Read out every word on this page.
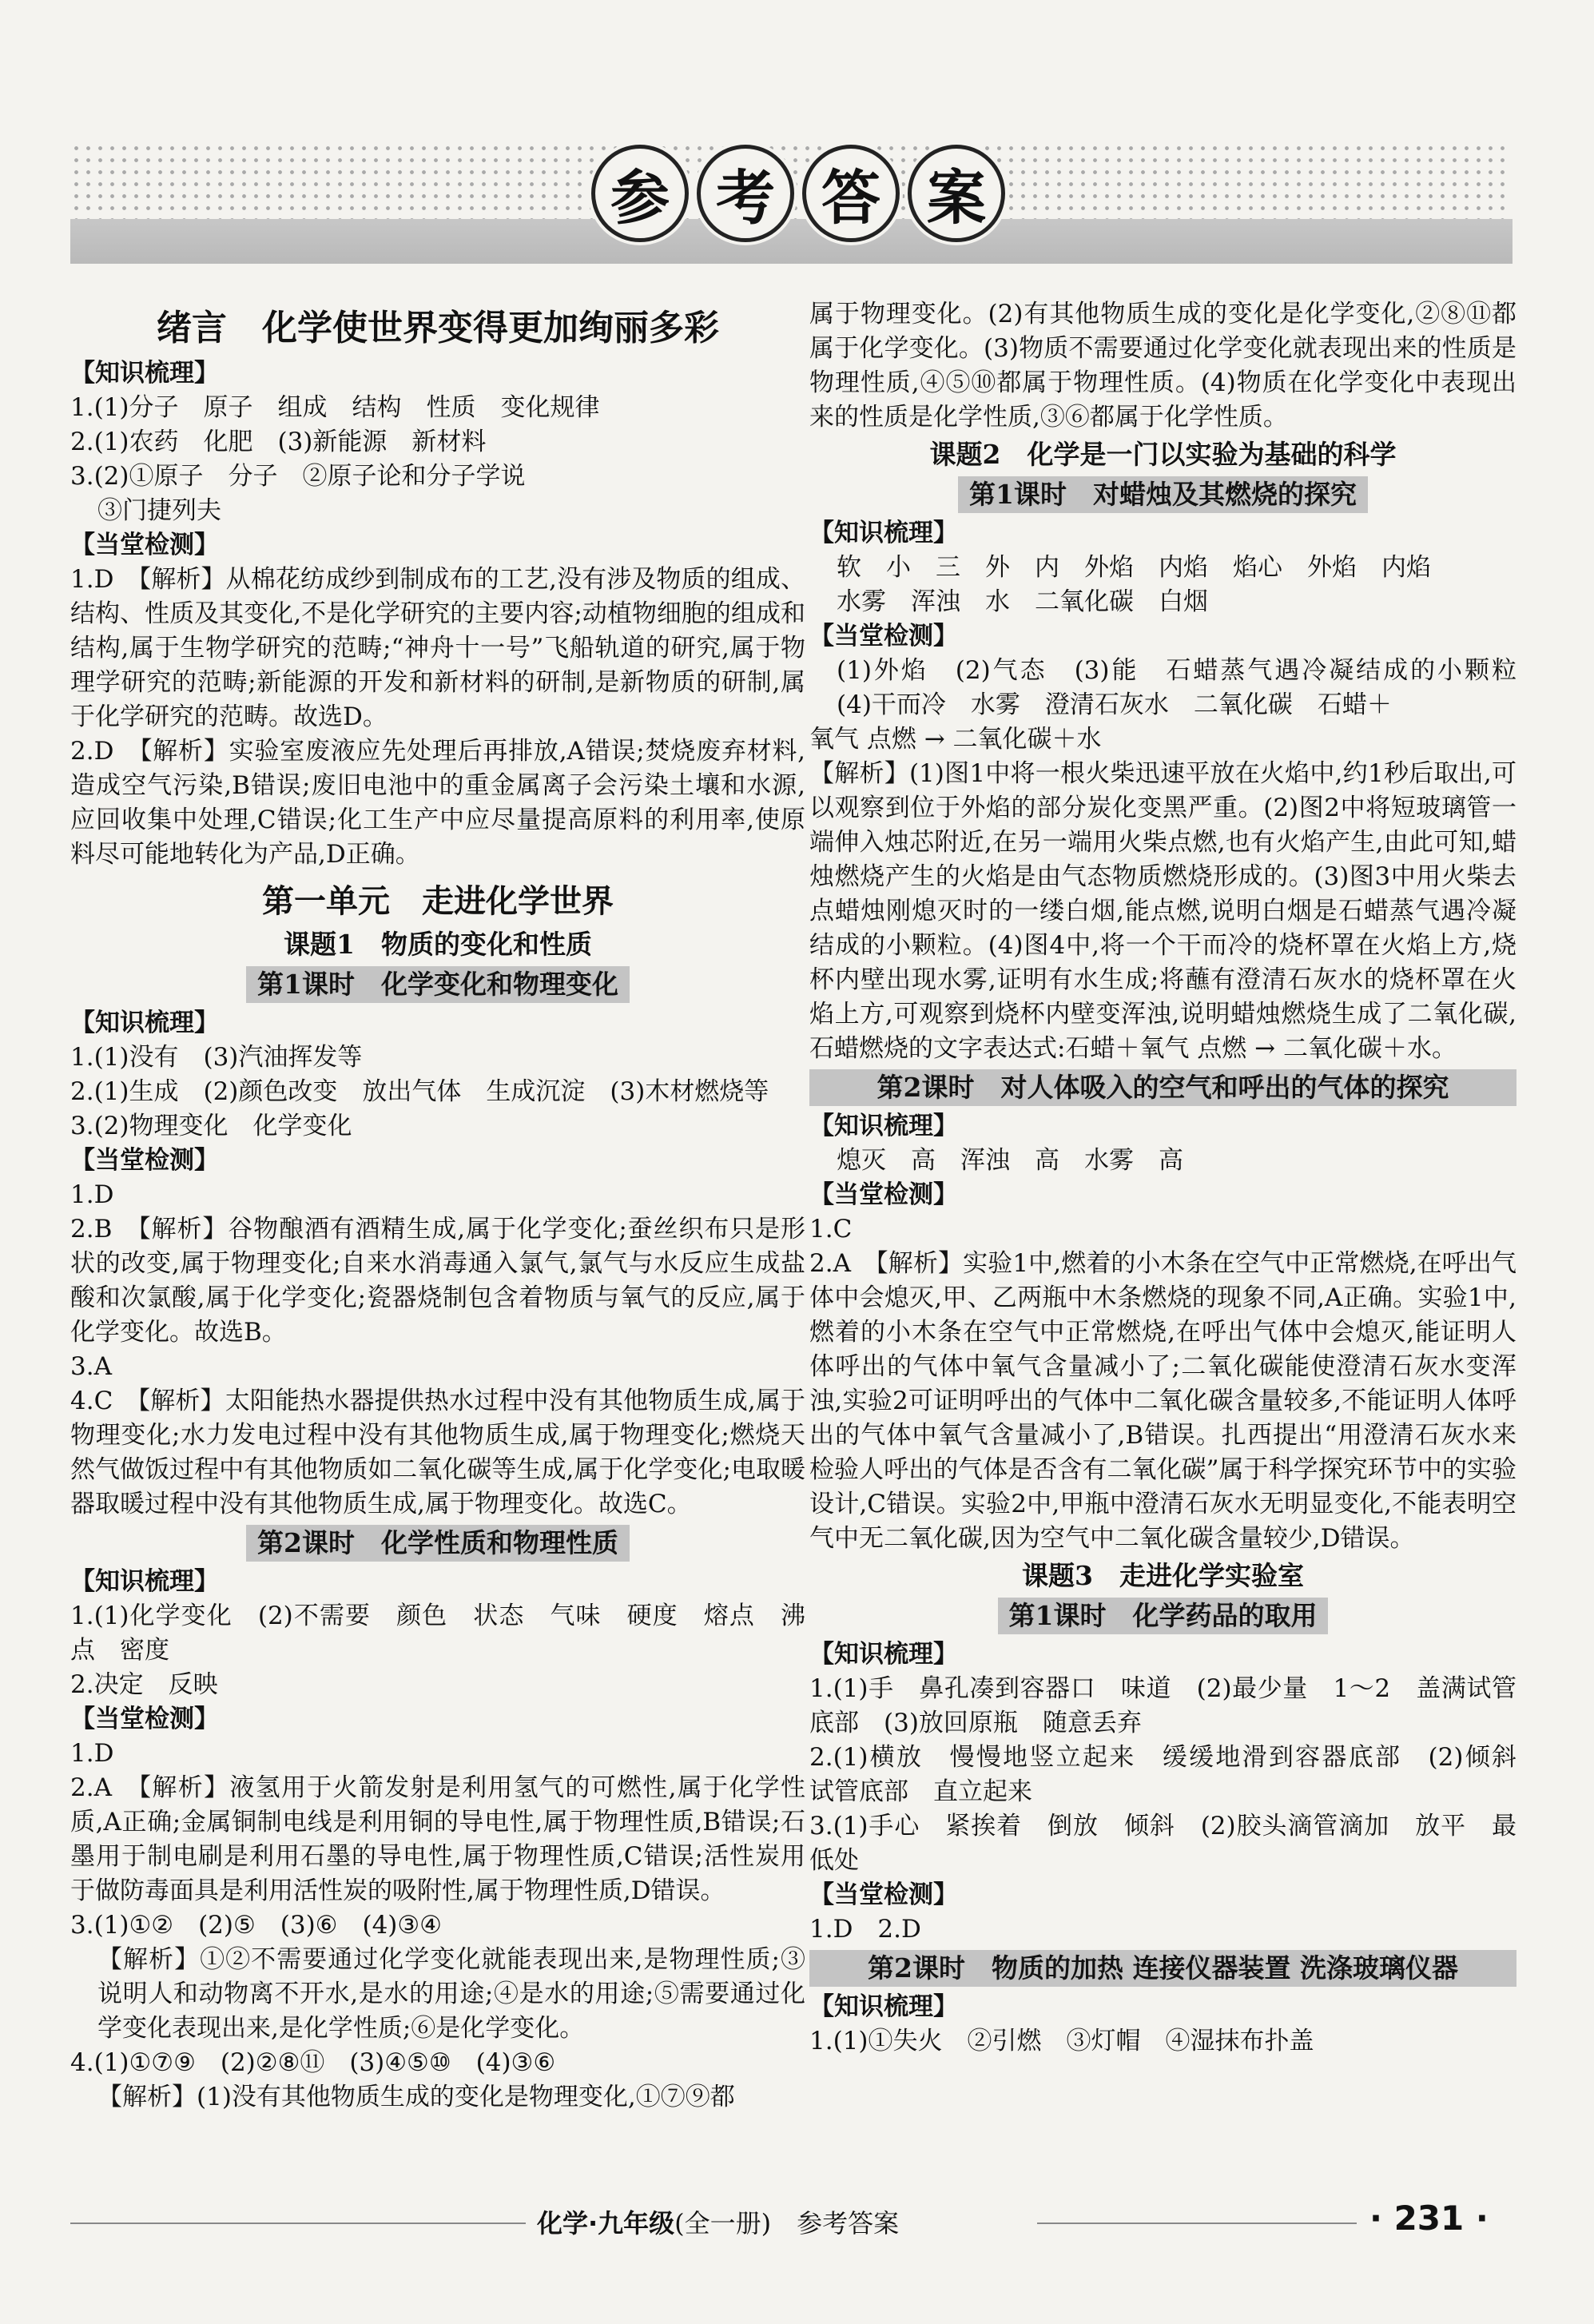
参 考 答 案
绪言　化学使世界变得更加绚丽多彩
【知识梳理】
1.(1)分子　原子　组成　结构　性质　变化规律
2.(1)农药　化肥　(3)新能源　新材料
3.(2)①原子　分子　②原子论和分子学说
③门捷列夫
【当堂检测】
1.D　【解析】从棉花纺成纱到制成布的工艺,没有涉及物质的组成、结构、性质及其变化,不是化学研究的主要内容;动植物细胞的组成和结构,属于生物学研究的范畴;“神舟十一号”飞船轨道的研究,属于物理学研究的范畴;新能源的开发和新材料的研制,是新物质的研制,属于化学研究的范畴。故选D。
2.D　【解析】实验室废液应先处理后再排放,A错误;焚烧废弃材料,造成空气污染,B错误;废旧电池中的重金属离子会污染土壤和水源,应回收集中处理,C错误;化工生产中应尽量提高原料的利用率,使原料尽可能地转化为产品,D正确。
第一单元　走进化学世界
课题1　物质的变化和性质
第1课时　化学变化和物理变化
【知识梳理】
1.(1)没有　(3)汽油挥发等
2.(1)生成　(2)颜色改变　放出气体　生成沉淀　(3)木材燃烧等
3.(2)物理变化　化学变化
【当堂检测】
1.D
2.B　【解析】谷物酿酒有酒精生成,属于化学变化;蚕丝织布只是形状的改变,属于物理变化;自来水消毒通入氯气,氯气与水反应生成盐酸和次氯酸,属于化学变化;瓷器烧制包含着物质与氧气的反应,属于化学变化。故选B。
3.A
4.C　【解析】太阳能热水器提供热水过程中没有其他物质生成,属于物理变化;水力发电过程中没有其他物质生成,属于物理变化;燃烧天然气做饭过程中有其他物质如二氧化碳等生成,属于化学变化;电取暖器取暖过程中没有其他物质生成,属于物理变化。故选C。
第2课时　化学性质和物理性质
【知识梳理】
1.(1)化学变化　(2)不需要　颜色　状态　气味　硬度　熔点　沸点　密度
2.决定　反映
【当堂检测】
1.D
2.A　【解析】液氢用于火箭发射是利用氢气的可燃性,属于化学性质,A正确;金属铜制电线是利用铜的导电性,属于物理性质,B错误;石墨用于制电刷是利用石墨的导电性,属于物理性质,C错误;活性炭用于做防毒面具是利用活性炭的吸附性,属于物理性质,D错误。
3.(1)①②　(2)⑤　(3)⑥　(4)③④
【解析】①②不需要通过化学变化就能表现出来,是物理性质;③说明人和动物离不开水,是水的用途;④是水的用途;⑤需要通过化学变化表现出来,是化学性质;⑥是化学变化。
4.(1)①⑦⑨　(2)②⑧⑪　(3)④⑤⑩　(4)③⑥
【解析】(1)没有其他物质生成的变化是物理变化,①⑦⑨都
属于物理变化。(2)有其他物质生成的变化是化学变化,②⑧⑪都属于化学变化。(3)物质不需要通过化学变化就表现出来的性质是物理性质,④⑤⑩都属于物理性质。(4)物质在化学变化中表现出来的性质是化学性质,③⑥都属于化学性质。
课题2　化学是一门以实验为基础的科学
第1课时　对蜡烛及其燃烧的探究
【知识梳理】
软　小　三　外　内　外焰　内焰　焰心　外焰　内焰
水雾　浑浊　水　二氧化碳　白烟
【当堂检测】
(1)外焰　(2)气态　(3)能　石蜡蒸气遇冷凝结成的小颗粒　(4)干而冷　水雾　澄清石灰水　二氧化碳　石蜡＋
氧气 点燃 → 二氧化碳＋水
【解析】(1)图1中将一根火柴迅速平放在火焰中,约1秒后取出,可以观察到位于外焰的部分炭化变黑严重。(2)图2中将短玻璃管一端伸入烛芯附近,在另一端用火柴点燃,也有火焰产生,由此可知,蜡烛燃烧产生的火焰是由气态物质燃烧形成的。(3)图3中用火柴去点蜡烛刚熄灭时的一缕白烟,能点燃,说明白烟是石蜡蒸气遇冷凝结成的小颗粒。(4)图4中,将一个干而冷的烧杯罩在火焰上方,烧杯内壁出现水雾,证明有水生成;将蘸有澄清石灰水的烧杯罩在火焰上方,可观察到烧杯内壁变浑浊,说明蜡烛燃烧生成了二氧化碳,石蜡燃烧的文字表达式:石蜡＋氧气 点燃 → 二氧化碳＋水。
第2课时　对人体吸入的空气和呼出的气体的探究
【知识梳理】
熄灭　高　浑浊　高　水雾　高
【当堂检测】
1.C
2.A　【解析】实验1中,燃着的小木条在空气中正常燃烧,在呼出气体中会熄灭,甲、乙两瓶中木条燃烧的现象不同,A正确。实验1中,燃着的小木条在空气中正常燃烧,在呼出气体中会熄灭,能证明人体呼出的气体中氧气含量减小了;二氧化碳能使澄清石灰水变浑浊,实验2可证明呼出的气体中二氧化碳含量较多,不能证明人体呼出的气体中氧气含量减小了,B错误。扎西提出“用澄清石灰水来检验人呼出的气体是否含有二氧化碳”属于科学探究环节中的实验设计,C错误。实验2中,甲瓶中澄清石灰水无明显变化,不能表明空气中无二氧化碳,因为空气中二氧化碳含量较少,D错误。
课题3　走进化学实验室
第1课时　化学药品的取用
【知识梳理】
1.(1)手　鼻孔凑到容器口　味道　(2)最少量　1～2　盖满试管底部　(3)放回原瓶　随意丢弃
2.(1)横放　慢慢地竖立起来　缓缓地滑到容器底部　(2)倾斜　试管底部　直立起来
3.(1)手心　紧挨着　倒放　倾斜　(2)胶头滴管滴加　放平　最低处
【当堂检测】
1.D　2.D
第2课时　物质的加热 连接仪器装置 洗涤玻璃仪器
【知识梳理】
1.(1)①失火　②引燃　③灯帽　④湿抹布扑盖
化学·九年级(全一册)　 参考答案	· 231 ·
